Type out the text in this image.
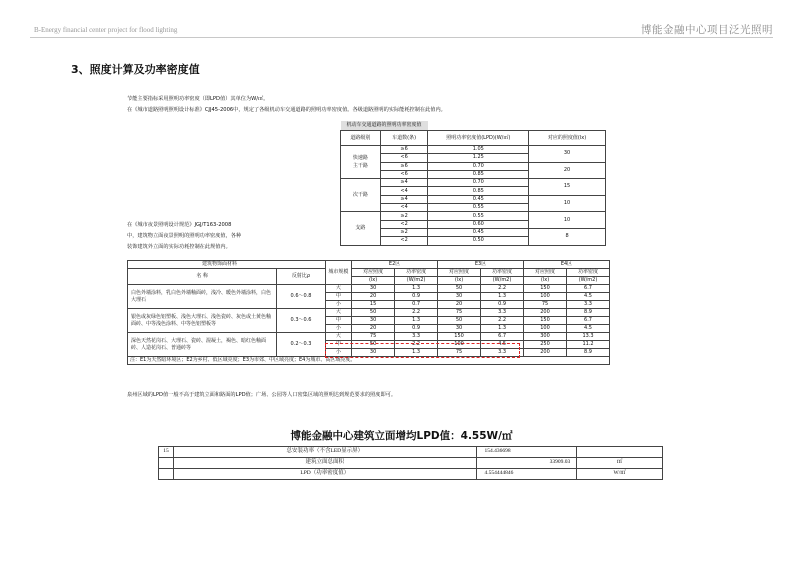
B-Energy financial center project for flood lighting	博能金融中心项目泛光照明
3、照度计算及功率密度值
节能主要指标采用照明功率密度（即LPD值）其单位为W/㎡。
在《城市道路照明照明设计标准》CJJ45-2006中，规定了各级机动车交通道路的照明功率密度值。各级道路照明的实际能耗控制在此值内。
在《城市夜景照明设计规范》JGJ/T163-2008
中，建筑物立面夜景照明的照明功率密度值，各种
装饰建筑外立面的实际功耗控制在此规值内。
泉州区域的LPD值一般不高于建筑立面和路面的LPD值；广场、公园等人口密集区域的照明达到规范要求的照度即可。
机动车交通道路的照明功率密度值			
道路级别	车道数(条)	照明功率密度值(LPD)(W/㎡)	对应的照度值(lx)
快速路
主干路	≥6	1.05	30
	<6	1.25	
	≥6	0.70	20
	<6	0.85	
次干路	≥4	0.70	15
	<4	0.85	
	≥4	0.45	10
	<4	0.55	
支路	≥2	0.55	10
	<2	0.60	
	≥2	0.45	8
	<2	0.50	
建筑物饰面材料		城市规模	E2区		E3区		E4区	
名 称	反射比ρ		对应照度	功率密度	对应照度	功率密度	对应照度	功率密度
			(lx)	(W/m2)	(lx)	(W/m2)	(lx)	(W/m2)
白色外墙涂料，乳白色外墙釉面砖，浅冷、暖色外墙涂料，白色大理石	0.6～0.8	大	30	1.3	50	2.2	150	6.7
		中	20	0.9	30	1.3	100	4.5
		小	15	0.7	20	0.9	75	3.3
银色或灰绿色铝塑板、浅色大理石、浅色瓷砖、灰色或土黄色釉面砖、中等浅色涂料、中等色铝塑板等	0.3～0.6	大	50	2.2	75	3.3	200	8.9
		中	30	1.3	50	2.2	150	6.7
		小	20	0.9	30	1.3	100	4.5
深色天然花岗石、大理石、瓷砖、混凝土，褐色、暗红色釉面砖、人造花岗石、普通砖等	0.2～0.3	大	75	3.3	150	6.7	300	13.3
		中	50	2.2	100	4.5	250	11.2
		小	30	1.3	75	3.3	200	8.9
注：E1为天然暗环境区；E2为乡村、低区域亮度；E3为市郊、中区域亮度；E4为城市、高区域亮度。								
博能金融中心建筑立面增均LPD值：4.55W/㎡
15	总安装功率（不含LED显示屏）	154.436698	
	建筑立面总面积	33909.03	㎡
	LPD（功率密度值）	4.554444846	W/㎡
